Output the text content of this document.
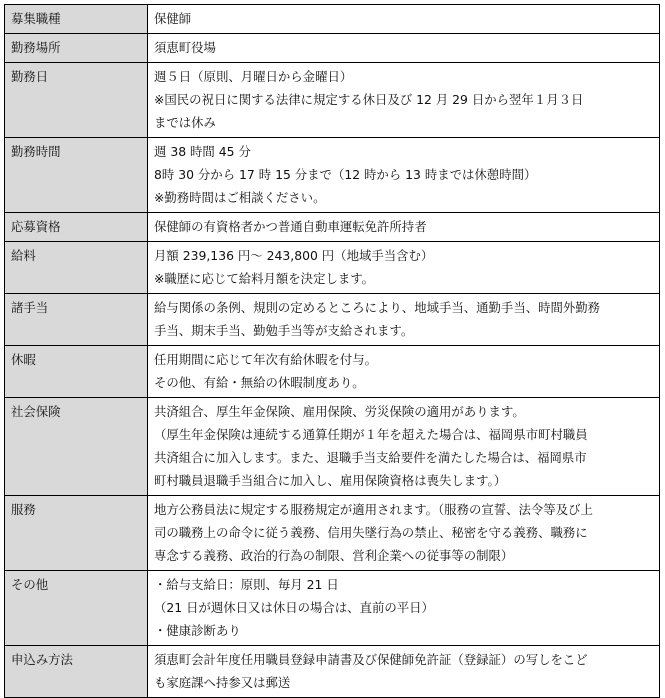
募集職種	保健師

勤務場所	須恵町役場

勤務日	週５日（原則、月曜日から金曜日）
※国民の祝日に関する法律に規定する休日及び 12 月 29 日から翌年１月３日
までは休み

勤務時間	週 38 時間 45 分
8時 30 分から 17 時 15 分まで（12 時から 13 時までは休憩時間）
※勤務時間はご相談ください。

応募資格	保健師の有資格者かつ普通自動車運転免許所持者

給料	月額 239,136 円～ 243,800 円（地域手当含む）
※職歴に応じて給料月額を決定します。

諸手当	給与関係の条例、規則の定めるところにより、地域手当、通勤手当、時間外勤務
手当、期末手当、勤勉手当等が支給されます。

休暇	任用期間に応じて年次有給休暇を付与。
その他、有給・無給の休暇制度あり。

社会保険	共済組合、厚生年金保険、雇用保険、労災保険の適用があります。
（厚生年金保険は連続する通算任期が１年を超えた場合は、福岡県市町村職員
共済組合に加入します。また、退職手当支給要件を満たした場合は、福岡県市
町村職員退職手当組合に加入し、雇用保険資格は喪失します。）

服務	地方公務員法に規定する服務規定が適用されます。（服務の宣誓、法令等及び上
司の職務上の命令に従う義務、信用失墜行為の禁止、秘密を守る義務、職務に
専念する義務、政治的行為の制限、営利企業への従事等の制限）

その他	・給与支給日：原則、毎月 21 日
（21 日が週休日又は休日の場合は、直前の平日）
・健康診断あり

申込み方法	須恵町会計年度任用職員登録申請書及び保健師免許証（登録証）の写しをこど
も家庭課へ持参又は郵送
